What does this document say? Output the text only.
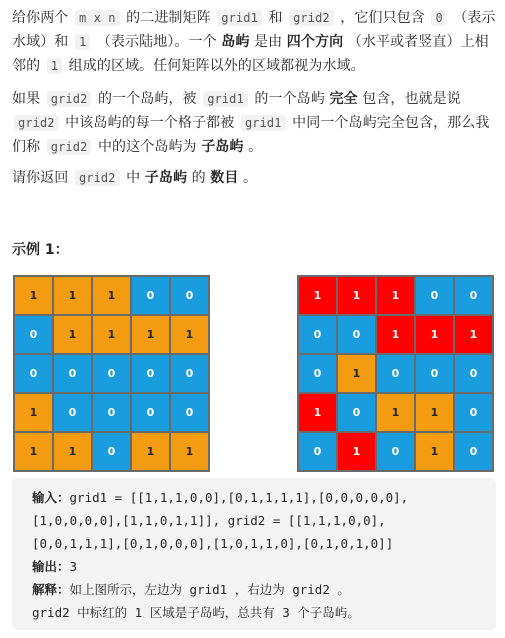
给你两个 m x n 的二进制矩阵 grid1 和 grid2 ，它们只包含 0 （表示水域）和 1 （表示陆地）。一个 岛屿 是由 四个方向 （水平或者竖直）上相邻的 1 组成的区域。任何矩阵以外的区域都视为水域。
如果 grid2 的一个岛屿，被 grid1 的一个岛屿 完全 包含，也就是说 grid2 中该岛屿的每一个格子都被 grid1 中同一个岛屿完全包含，那么我们称 grid2 中的这个岛屿为 子岛屿 。
请你返回 grid2 中 子岛屿 的 数目 。
示例 1：
1	1	1	0	0
0	1	1	1	1
0	0	0	0	0
1	0	0	0	0
1	1	0	1	1
1	1	1	0	0
0	0	1	1	1
0	1	0	0	0
1	0	1	1	0
0	1	0	1	0
输入：grid1 = [[1,1,1,0,0],[0,1,1,1,1],[0,0,0,0,0],
[1,0,0,0,0],[1,1,0,1,1]], grid2 = [[1,1,1,0,0],
[0,0,1,1,1],[0,1,0,0,0],[1,0,1,1,0],[0,1,0,1,0]]
输出：3
解释：如上图所示，左边为 grid1 ，右边为 grid2 。
grid2 中标红的 1 区域是子岛屿，总共有 3 个子岛屿。
